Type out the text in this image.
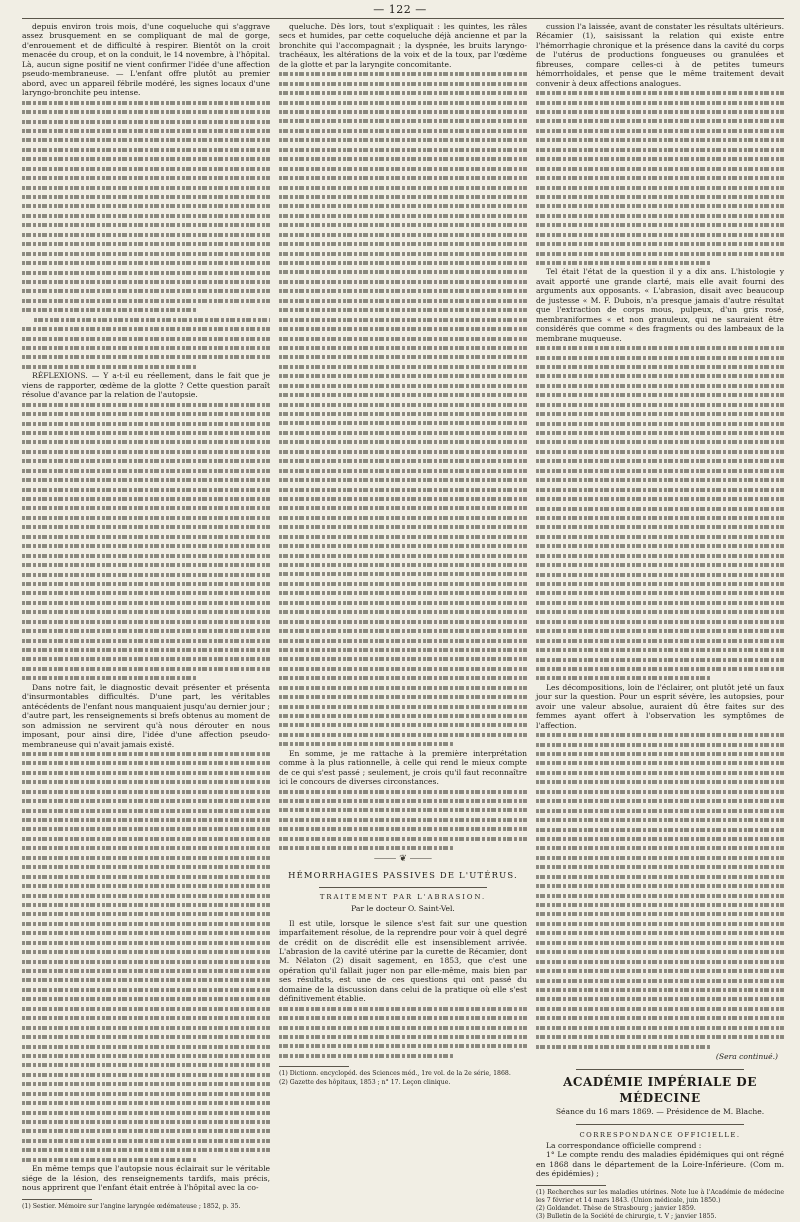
— 122 —

depuis environ trois mois, d'une coqueluche qui s'aggrave assez brusquement en se compliquant de mal de gorge, d'enrouement et de difficulté à respirer. Bientôt on la croit menacée du croup, et on la conduit, le 14 novembre, à l'hôpital. Là, aucun signe positif ne vient confirmer l'idée d'une affection pseudo-membraneuse. — L'enfant offre plutôt au premier abord, avec un appareil fébrile modéré, les signes locaux d'une laryngo-bronchite peu intense.

RÉFLEXIONS. — Y a-t-il eu réellement, dans le fait que je viens de rapporter, œdème de la glotte ? Cette question paraît résolue d'avance par la relation de l'autopsie.

Dans notre fait, le diagnostic devait présenter et présenta d'insurmontables difficultés. D'une part, les véritables antécédents de l'enfant nous manquaient jusqu'au dernier jour ; d'autre part, les renseignements si brefs obtenus au moment de son admission ne servirent qu'à nous dérouter en nous imposant, pour ainsi dire, l'idée d'une affection pseudo-membraneuse qui n'avait jamais existé.

En même temps que l'autopsie nous éclairait sur le véritable siége de la lésion, des renseignements tardifs, mais précis, nous apprirent que l'enfant était entrée à l'hôpital avec la co-

(1) Sestier. Mémoire sur l'angine laryngée œdémateuse ; 1852, p. 35.

queluche. Dès lors, tout s'expliquait : les quintes, les râles secs et humides, par cette coqueluche déjà ancienne et par la bronchite qui l'accompagnait ; la dyspnée, les bruits laryngo-trachéaux, les altérations de la voix et de la toux, par l'œdème de la glotte et par la laryngite concomitante.

En somme, je me rattache à la première interprétation comme à la plus rationnelle, à celle qui rend le mieux compte de ce qui s'est passé ; seulement, je crois qu'il faut reconnaître ici le concours de diverses circonstances.

⸻ ❦ ⸻
HÉMORRHAGIES PASSIVES DE L'UTÉRUS.
TRAITEMENT PAR L'ABRASION.
Par le docteur O. Saint-Vel.

Il est utile, lorsque le silence s'est fait sur une question imparfaitement résolue, de la reprendre pour voir à quel degré de crédit on de discrédit elle est insensiblement arrivée. L'abrasion de la cavité utérine par la curette de Récamier, dont M. Nélaton (2) disait sagement, en 1853, que c'est une opération qu'il fallait juger non par elle-même, mais bien par ses résultats, est une de ces questions qui ont passé du domaine de la discussion dans celui de la pratique où elle s'est définitivement établie.

(1) Dictionn. encyclopéd. des Sciences méd., 1re vol. de la 2e série, 1868.

(2) Gazette des hôpitaux, 1853 ; n° 17. Leçon clinique.

cussion l'a laissée, avant de constater les résultats ultérieurs. Récamier (1), saisissant la relation qui existe entre l'hémorrhagie chronique et la présence dans la cavité du corps de l'utérus de productions fongueuses ou granulées et fibreuses, compare celles-ci à de petites tumeurs hémorrhoïdales, et pense que le même traitement devait convenir à deux affections analogues.

Tel était l'état de la question il y a dix ans. L'histologie y avait apporté une grande clarté, mais elle avait fourni des arguments aux opposants. « L'abrasion, disait avec beaucoup de justesse « M. F. Dubois, n'a presque jamais d'autre résultat que l'extraction de corps mous, pulpeux, d'un gris rosé, membraniformes « et non granuleux, qui ne sauraient être considérés que comme « des fragments ou des lambeaux de la membrane muqueuse.

Les décompositions, loin de l'éclairer, ont plutôt jeté un faux jour sur la question. Pour un esprit sévère, les autopsies, pour avoir une valeur absolue, auraient dû être faites sur des femmes ayant offert à l'observation les symptômes de l'affection.

(Sera continué.)
ACADÉMIE IMPÉRIALE DE MÉDECINE
Séance du 16 mars 1869. — Présidence de M. Blache.
CORRESPONDANCE OFFICIELLE.

La correspondance officielle comprend :

1° Le compte rendu des maladies épidémiques qui ont régné en 1868 dans le département de la Loire-Inférieure. (Com m. des épidémies) ;

(1) Recherches sur les maladies utérines. Note lue à l'Académie de médecine les 7 février et 14 mars 1843. (Union médicale, juin 1850.)

(2) Goldandet. Thèse de Strasbourg ; janvier 1859.

(3) Bulletin de la Société de chirurgie, t. V ; janvier 1855.
